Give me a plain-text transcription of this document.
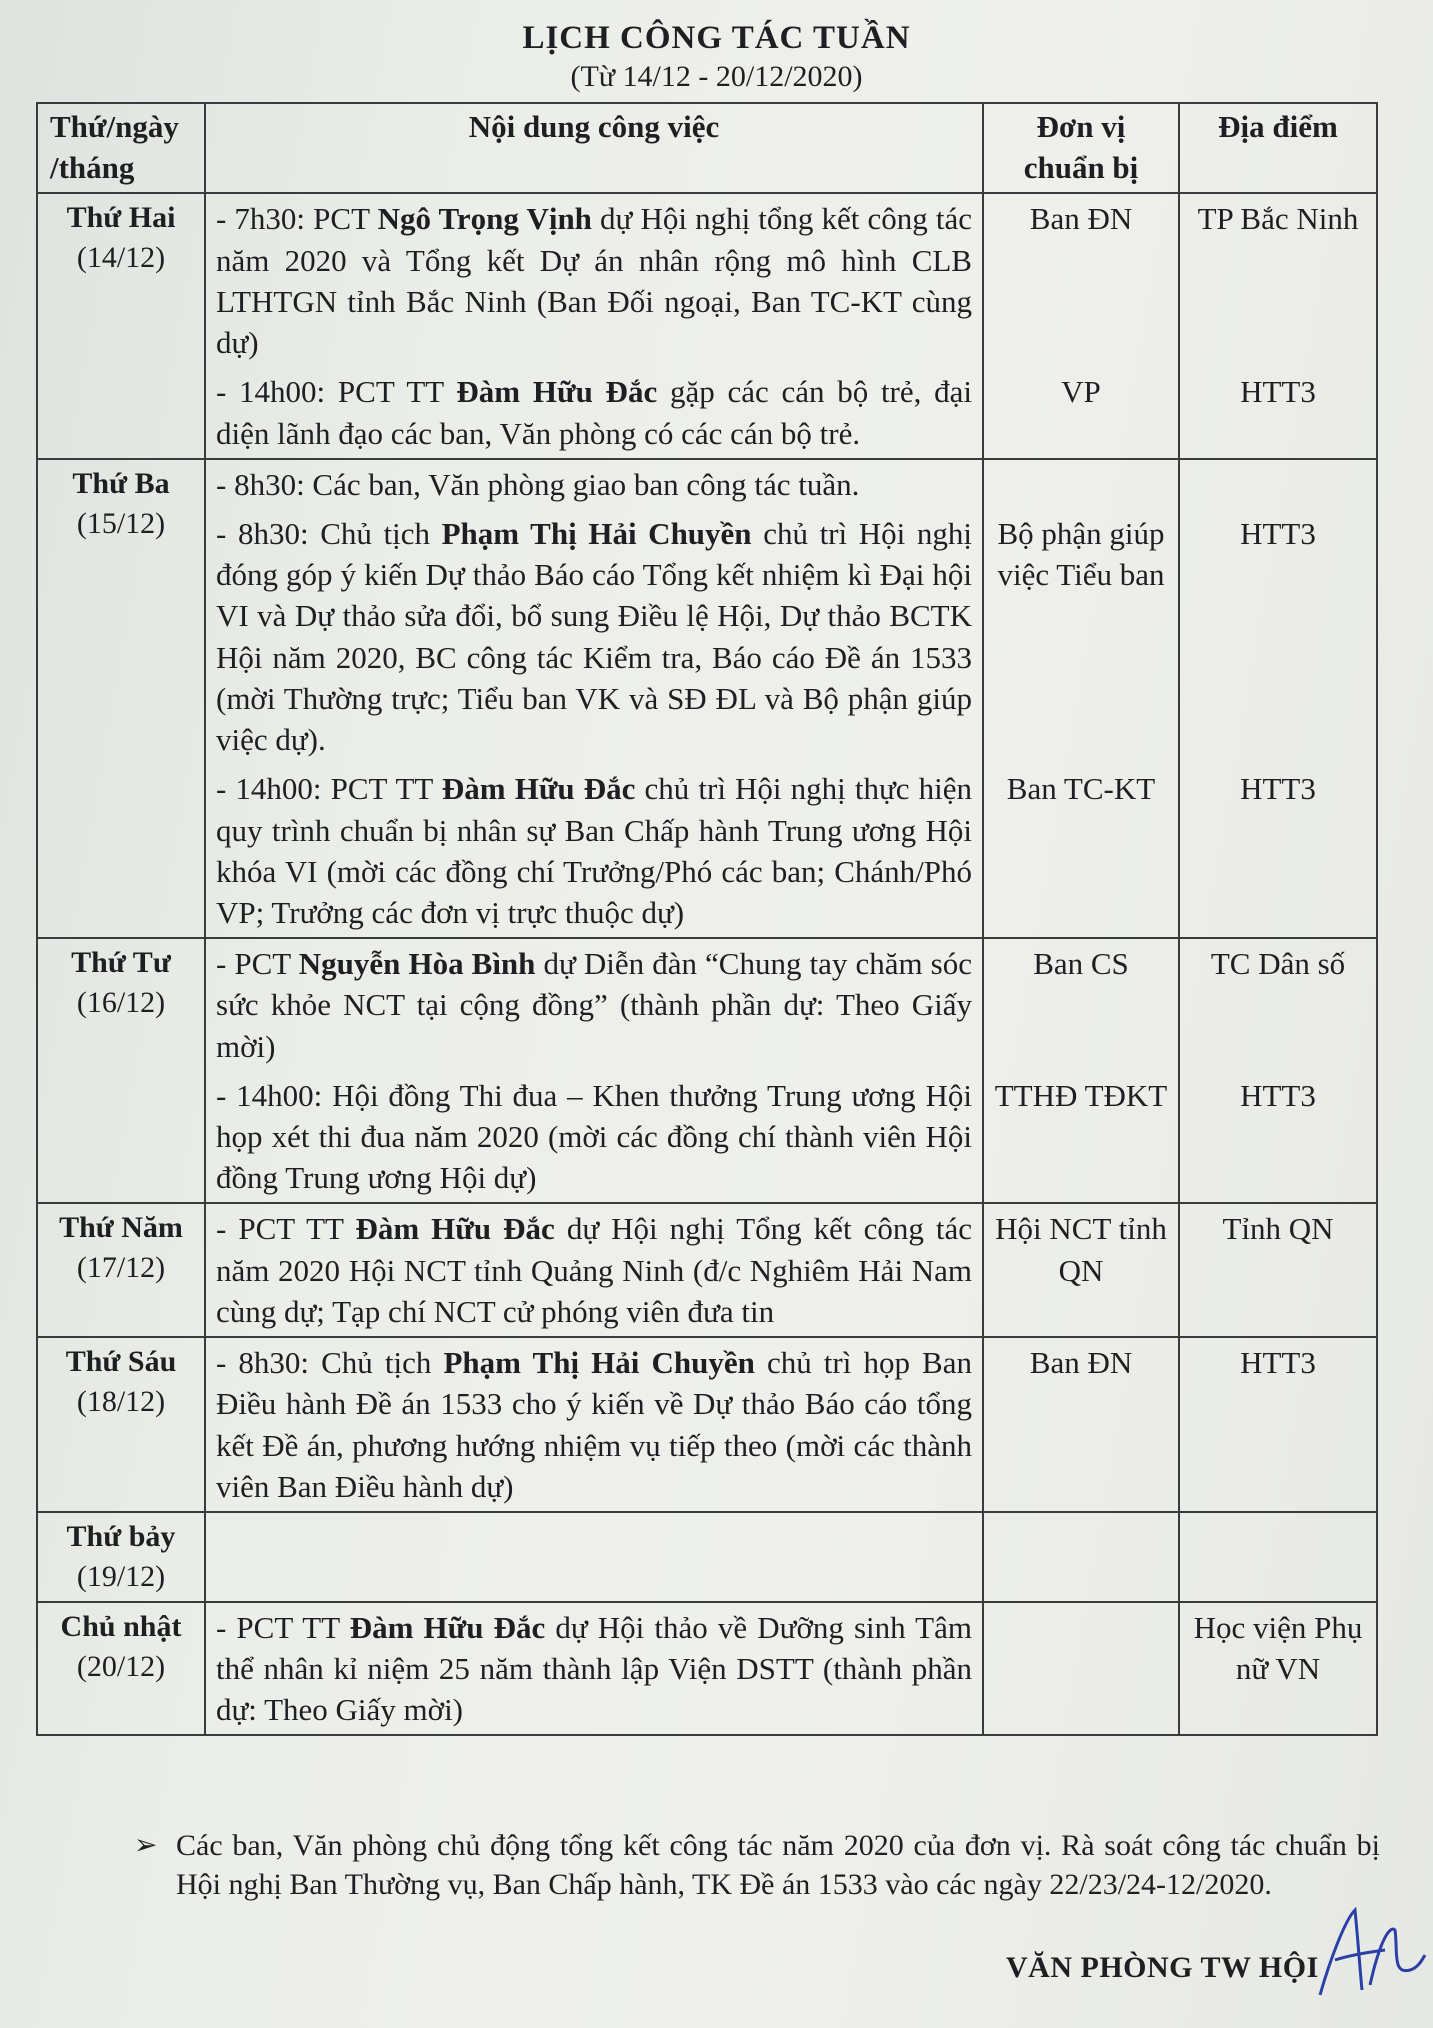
LỊCH CÔNG TÁC TUẦN
(Từ 14/12 - 20/12/2020)
Thứ/ngày /tháng	Nội dung công việc	Đơn vị chuẩn bị	Địa điểm

Thứ Hai
(14/12)	- 7h30: PCT Ngô Trọng Vịnh dự Hội nghị tổng kết công tác năm 2020 và Tổng kết Dự án nhân rộng mô hình CLB LTHTGN tỉnh Bắc Ninh (Ban Đối ngoại, Ban TC-KT cùng dự)	Ban ĐN	TP Bắc Ninh
	- 14h00: PCT TT Đàm Hữu Đắc gặp các cán bộ trẻ, đại diện lãnh đạo các ban, Văn phòng có các cán bộ trẻ.	VP	HTT3

Thứ Ba
(15/12)	- 8h30: Các ban, Văn phòng giao ban công tác tuần.		
	- 8h30: Chủ tịch Phạm Thị Hải Chuyền chủ trì Hội nghị đóng góp ý kiến Dự thảo Báo cáo Tổng kết nhiệm kì Đại hội VI và Dự thảo sửa đổi, bổ sung Điều lệ Hội, Dự thảo BCTK Hội năm 2020, BC công tác Kiểm tra, Báo cáo Đề án 1533 (mời Thường trực; Tiểu ban VK và SĐ ĐL và Bộ phận giúp việc dự).	Bộ phận giúp việc Tiểu ban	HTT3
	- 14h00: PCT TT Đàm Hữu Đắc chủ trì Hội nghị thực hiện quy trình chuẩn bị nhân sự Ban Chấp hành Trung ương Hội khóa VI (mời các đồng chí Trưởng/Phó các ban; Chánh/Phó VP; Trưởng các đơn vị trực thuộc dự)	Ban TC-KT	HTT3

Thứ Tư
(16/12)	- PCT Nguyễn Hòa Bình dự Diễn đàn “Chung tay chăm sóc sức khỏe NCT tại cộng đồng” (thành phần dự: Theo Giấy mời)	Ban CS	TC Dân số
	- 14h00: Hội đồng Thi đua – Khen thưởng Trung ương Hội họp xét thi đua năm 2020 (mời các đồng chí thành viên Hội đồng Trung ương Hội dự)	TTHĐ TĐKT	HTT3

Thứ Năm
(17/12)	- PCT TT Đàm Hữu Đắc dự Hội nghị Tổng kết công tác năm 2020 Hội NCT tỉnh Quảng Ninh (đ/c Nghiêm Hải Nam cùng dự; Tạp chí NCT cử phóng viên đưa tin	Hội NCT tỉnh QN	Tỉnh QN

Thứ Sáu
(18/12)	- 8h30: Chủ tịch Phạm Thị Hải Chuyền chủ trì họp Ban Điều hành Đề án 1533 cho ý kiến về Dự thảo Báo cáo tổng kết Đề án, phương hướng nhiệm vụ tiếp theo (mời các thành viên Ban Điều hành dự)	Ban ĐN	HTT3

Thứ bảy
(19/12)			

Chủ nhật
(20/12)	- PCT TT Đàm Hữu Đắc dự Hội thảo về Dưỡng sinh Tâm thể nhân kỉ niệm 25 năm thành lập Viện DSTT (thành phần dự: Theo Giấy mời)		Học viện Phụ nữ VN
➢ Các ban, Văn phòng chủ động tổng kết công tác năm 2020 của đơn vị. Rà soát công tác chuẩn bị Hội nghị Ban Thường vụ, Ban Chấp hành, TK Đề án 1533 vào các ngày 22/23/24-12/2020.
VĂN PHÒNG TW HỘI
